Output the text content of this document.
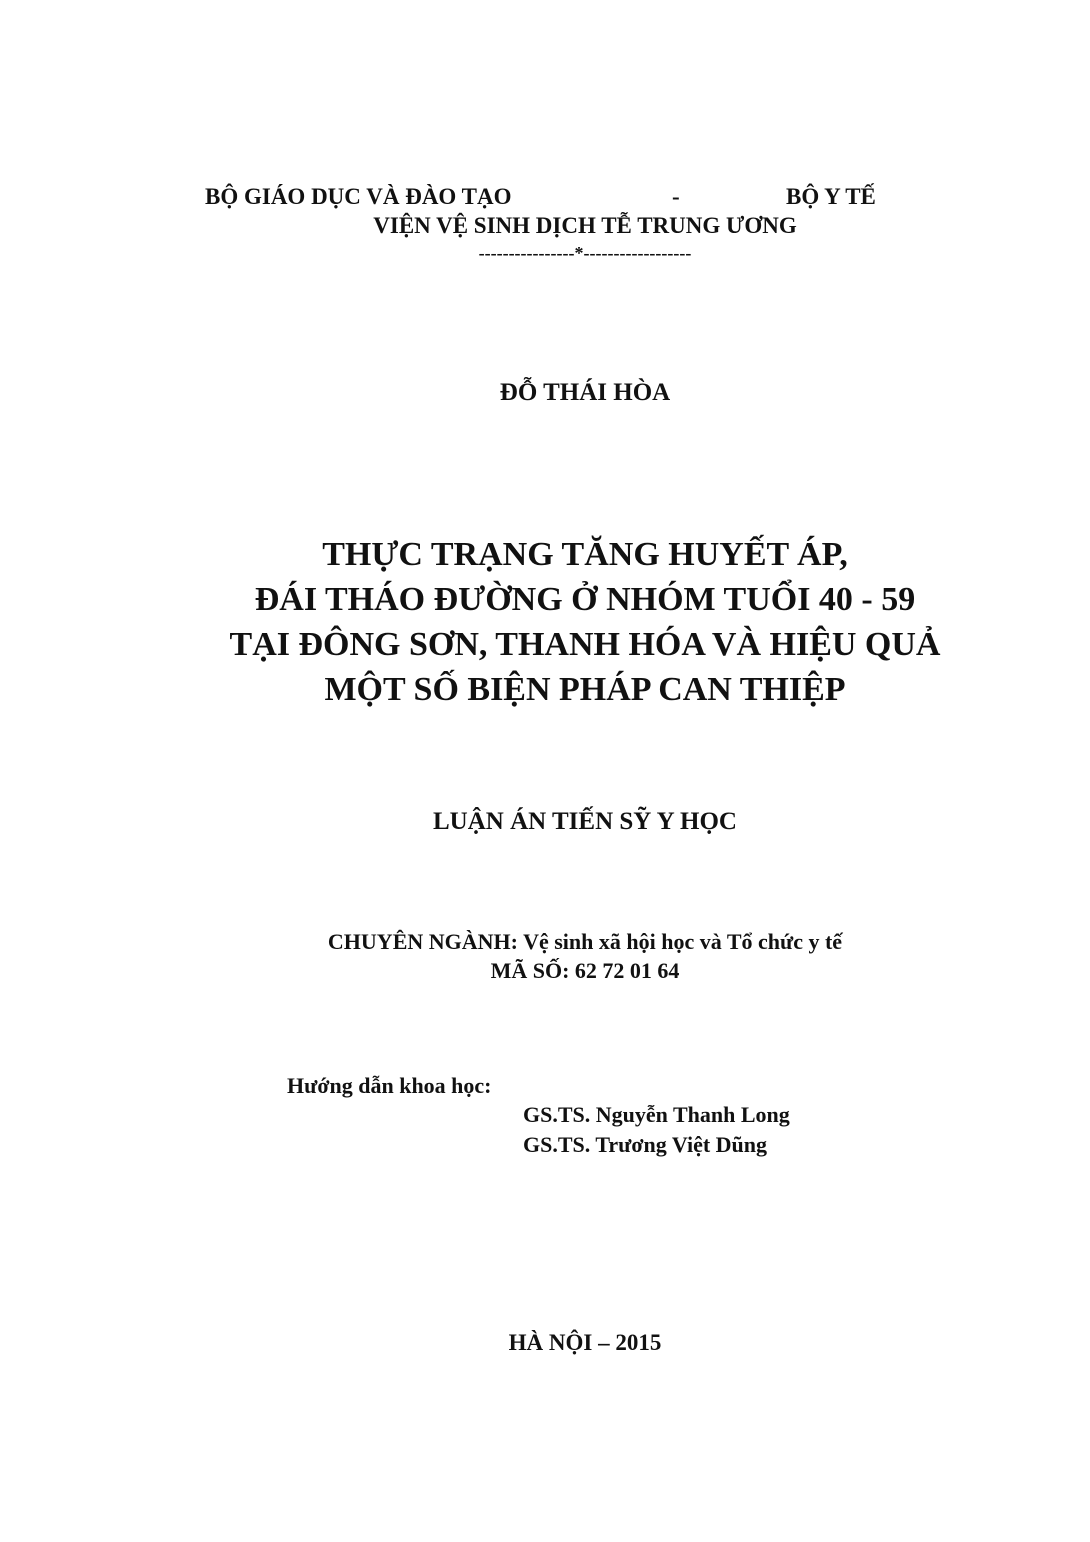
BỘ GIÁO DỤC VÀ ĐÀO TẠO	-	BỘ Y TẾ
VIỆN VỆ SINH DỊCH TỄ TRUNG ƯƠNG
----------------*------------------
ĐỖ THÁI HÒA
THỰC TRẠNG TĂNG HUYẾT ÁP,
ĐÁI THÁO ĐƯỜNG Ở NHÓM TUỔI 40 - 59
TẠI ĐÔNG SƠN, THANH HÓA VÀ HIỆU QUẢ
MỘT SỐ BIỆN PHÁP CAN THIỆP
LUẬN ÁN TIẾN SỸ Y HỌC
CHUYÊN NGÀNH: Vệ sinh xã hội học và Tổ chức y tế
MÃ SỐ: 62 72 01 64
Hướng dẫn khoa học:
GS.TS. Nguyễn Thanh Long
GS.TS. Trương Việt Dũng
HÀ NỘI – 2015
